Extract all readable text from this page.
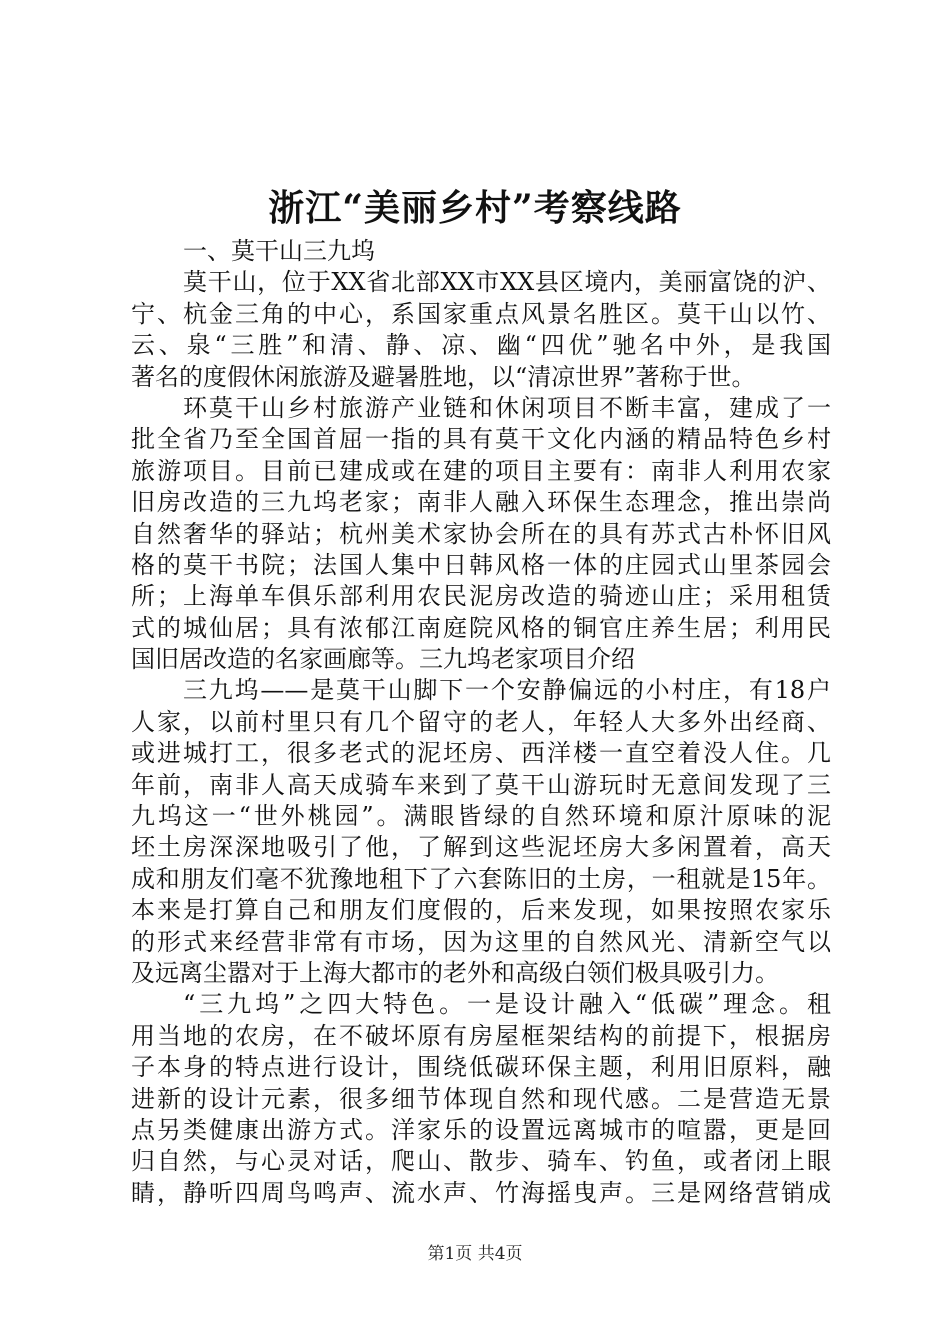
浙江“美丽乡村”考察线路
一、莫干山三九坞
莫干山，位于XX省北部XX市XX县区境内，美丽富饶的沪、
宁、杭金三角的中心，系国家重点风景名胜区。莫干山以竹、
云、泉“三胜”和清、静、凉、幽“四优”驰名中外，是我国
著名的度假休闲旅游及避暑胜地，以“清凉世界”著称于世。
环莫干山乡村旅游产业链和休闲项目不断丰富，建成了一
批全省乃至全国首屈一指的具有莫干文化内涵的精品特色乡村
旅游项目。目前已建成或在建的项目主要有：南非人利用农家
旧房改造的三九坞老家；南非人融入环保生态理念，推出崇尚
自然奢华的驿站；杭州美术家协会所在的具有苏式古朴怀旧风
格的莫干书院；法国人集中日韩风格一体的庄园式山里茶园会
所；上海单车俱乐部利用农民泥房改造的骑迹山庄；采用租赁
式的城仙居；具有浓郁江南庭院风格的铜官庄养生居；利用民
国旧居改造的名家画廊等。三九坞老家项目介绍
三九坞——是莫干山脚下一个安静偏远的小村庄，有18户
人家，以前村里只有几个留守的老人，年轻人大多外出经商、
或进城打工，很多老式的泥坯房、西洋楼一直空着没人住。几
年前，南非人高天成骑车来到了莫干山游玩时无意间发现了三
九坞这一“世外桃园”。满眼皆绿的自然环境和原汁原味的泥
坯土房深深地吸引了他，了解到这些泥坯房大多闲置着，高天
成和朋友们毫不犹豫地租下了六套陈旧的土房，一租就是15年。
本来是打算自己和朋友们度假的，后来发现，如果按照农家乐
的形式来经营非常有市场，因为这里的自然风光、清新空气以
及远离尘嚣对于上海大都市的老外和高级白领们极具吸引力。
“三九坞”之四大特色。一是设计融入“低碳”理念。租
用当地的农房，在不破坏原有房屋框架结构的前提下，根据房
子本身的特点进行设计，围绕低碳环保主题，利用旧原料，融
进新的设计元素，很多细节体现自然和现代感。二是营造无景
点另类健康出游方式。洋家乐的设置远离城市的喧嚣，更是回
归自然，与心灵对话，爬山、散步、骑车、钓鱼，或者闭上眼
睛，静听四周鸟鸣声、流水声、竹海摇曳声。三是网络营销成
第1页 共4页
